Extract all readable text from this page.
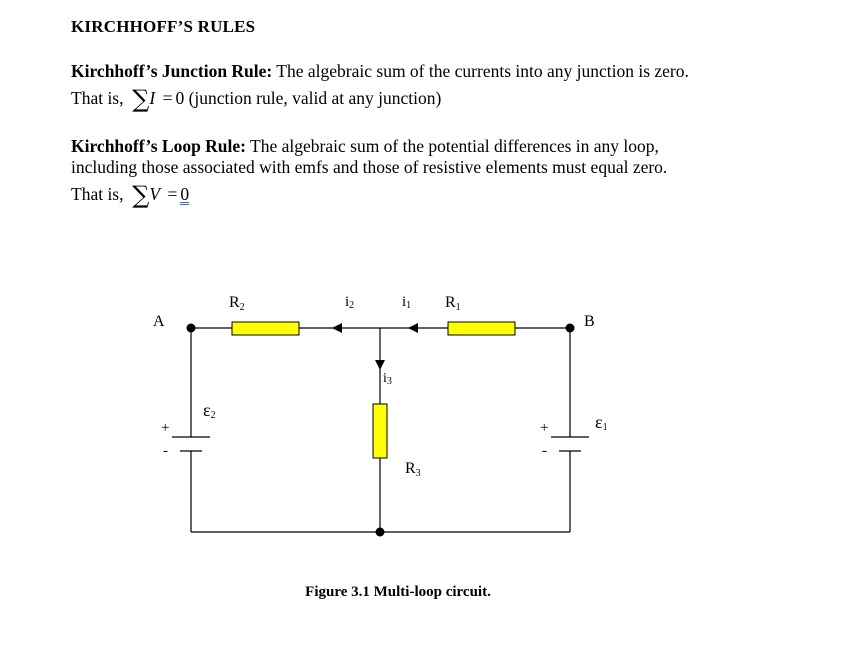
KIRCHHOFF’S RULES
Kirchhoff’s Junction Rule: The algebraic sum of the currents into any junction is zero.
That is, ∑I = 0 (junction rule, valid at any junction)
Kirchhoff’s Loop Rule: The algebraic sum of the potential differences in any loop,
including those associated with emfs and those of resistive elements must equal zero.
That is, ∑V = 0
A	B
R2	R1
R3
i2	i1
i3
ε2	ε1
+
-
+
-
Figure 3.1 Multi-loop circuit.
